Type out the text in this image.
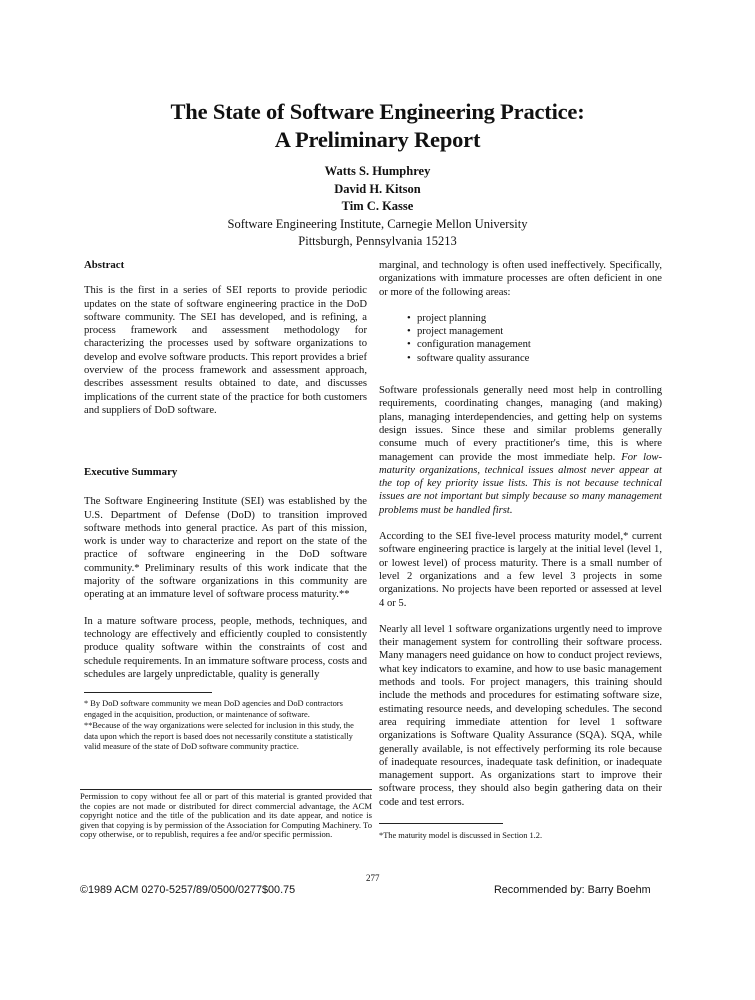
The State of Software Engineering Practice:
A Preliminary Report
Watts S. Humphrey
David H. Kitson
Tim C. Kasse
Software Engineering Institute, Carnegie Mellon University
Pittsburgh, Pennsylvania 15213

Abstract

This is the first in a series of SEI reports to provide periodic updates on the state of software engineering practice in the DoD software community. The SEI has developed, and is refining, a process framework and assessment methodology for characterizing the processes used by software organizations to develop and evolve software products. This report provides a brief overview of the process framework and assessment approach, describes assessment results obtained to date, and discusses implications of the current state of the practice for both customers and suppliers of DoD software.

Executive Summary

The Software Engineering Institute (SEI) was established by the U.S. Department of Defense (DoD) to transition improved software methods into general practice. As part of this mission, work is under way to characterize and report on the state of the practice of software engineering in the DoD software community.* Preliminary results of this work indicate that the majority of the software organizations in this community are operating at an immature level of software process maturity.**

In a mature software process, people, methods, techniques, and technology are effectively and efficiently coupled to consistently produce quality software within the constraints of cost and schedule requirements. In an immature software process, costs and schedules are largely unpredictable, quality is generally

* By DoD software community we mean DoD agencies and DoD contractors engaged in the acquisition, production, or maintenance of software.
**Because of the way organizations were selected for inclusion in this study, the data upon which the report is based does not necessarily constitute a statistically valid measure of the state of DoD software community practice.
Permission to copy without fee all or part of this material is granted provided that the copies are not made or distributed for direct commercial advantage, the ACM copyright notice and the title of the publication and its date appear, and notice is given that copying is by permission of the Association for Computing Machinery. To copy otherwise, or to republish, requires a fee and/or specific permission.

marginal, and technology is often used ineffectively. Specifically, organizations with immature processes are often deficient in one or more of the following areas:

• project planning
• project management
• configuration management
• software quality assurance

Software professionals generally need most help in controlling requirements, coordinating changes, managing (and making) plans, managing interdependencies, and getting help on systems design issues. Since these and similar problems generally consume much of every practitioner's time, this is where management can provide the most immediate help. For low-maturity organizations, technical issues almost never appear at the top of key priority issue lists. This is not because technical issues are not important but simply because so many management problems must be handled first.

According to the SEI five-level process maturity model,* current software engineering practice is largely at the initial level (level 1, or lowest level) of process maturity. There is a small number of level 2 organizations and a few level 3 projects in some organizations. No projects have been reported or assessed at level 4 or 5.

Nearly all level 1 software organizations urgently need to improve their management system for controlling their software process. Many managers need guidance on how to conduct project reviews, what key indicators to examine, and how to use basic management methods and tools. For project managers, this training should include the methods and procedures for estimating software size, estimating resource needs, and developing schedules. The second area requiring immediate attention for level 1 software organizations is Software Quality Assurance (SQA). SQA, while generally available, is not effectively performing its role because of inadequate resources, inadequate task definition, or inadequate management support. As organizations start to improve their software process, they should also begin gathering data on their code and test errors.

*The maturity model is discussed in Section 1.2.
277
©1989 ACM 0270-5257/89/0500/0277$00.75	Recommended by: Barry Boehm
